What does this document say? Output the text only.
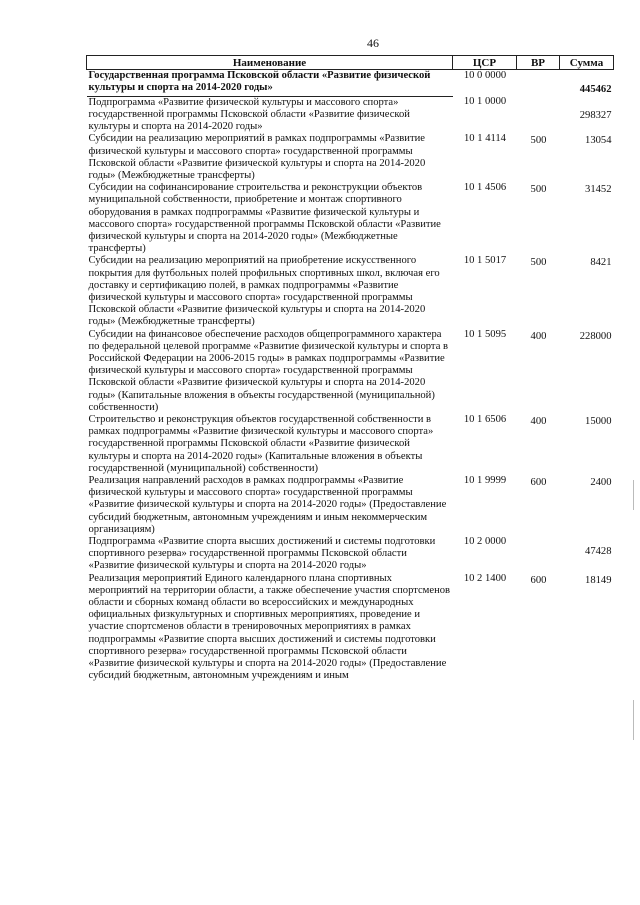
46
Наименование	ЦСР	ВР	Сумма
Государственная программа Псковской области «Развитие физической культуры и спорта на 2014-2020 годы»	10 0 0000		445462
Подпрограмма «Развитие физической культуры и массового спорта» государственной программы Псковской области «Развитие физической культуры и спорта на 2014-2020 годы»	10 1 0000		298327
Субсидии на реализацию мероприятий в рамках подпрограммы «Развитие физической культуры и массового спорта» государственной программы Псковской области «Развитие физической культуры и спорта на 2014-2020 годы» (Межбюджетные трансферты)	10 1 4114	500	13054
Субсидии на софинансирование строительства и реконструкции объектов муниципальной собственности, приобретение и монтаж спортивного оборудования в рамках подпрограммы «Развитие физической культуры и массового спорта» государственной программы Псковской области «Развитие физической культуры и спорта на 2014-2020 годы» (Межбюджетные трансферты)	10 1 4506	500	31452
Субсидии на реализацию мероприятий на приобретение искусственного покрытия для футбольных полей профильных спортивных школ, включая его доставку и сертификацию полей, в рамках подпрограммы «Развитие физической культуры и массового спорта» государственной программы Псковской области «Развитие физической культуры и спорта на 2014-2020 годы» (Межбюджетные трансферты)	10 1 5017	500	8421
Субсидии на финансовое обеспечение расходов общепрограммного характера по федеральной целевой программе «Развитие физической культуры и спорта в Российской Федерации на 2006-2015 годы» в рамках подпрограммы «Развитие физической культуры и массового спорта» государственной программы Псковской области «Развитие физической культуры и спорта на 2014-2020 годы» (Капитальные вложения в объекты государственной (муниципальной) собственности)	10 1 5095	400	228000
Строительство и реконструкция объектов государственной собственности в рамках подпрограммы «Развитие физической культуры и массового спорта» государственной программы Псковской области «Развитие физической культуры и спорта на 2014-2020 годы» (Капитальные вложения в объекты государственной (муниципальной) собственности)	10 1 6506	400	15000
Реализация направлений расходов в рамках подпрограммы «Развитие физической культуры и массового спорта» государственной программы «Развитие физической культуры и спорта на 2014-2020 годы» (Предоставление субсидий бюджетным, автономным учреждениям и иным некоммерческим организациям)	10 1 9999	600	2400
Подпрограмма «Развитие спорта высших достижений и системы подготовки спортивного резерва» государственной программы Псковской области «Развитие физической культуры и спорта на 2014-2020 годы»	10 2 0000		47428
Реализация мероприятий Единого календарного плана спортивных мероприятий на территории области, а также обеспечение участия спортсменов области и сборных команд области во всероссийских и международных официальных физкультурных и спортивных мероприятиях, проведение и участие спортсменов области в тренировочных мероприятиях в рамках подпрограммы «Развитие спорта высших достижений и системы подготовки спортивного резерва» государственной программы Псковской области «Развитие физической культуры и спорта на 2014-2020 годы» (Предоставление субсидий бюджетным, автономным учреждениям и иным	10 2 1400	600	18149
